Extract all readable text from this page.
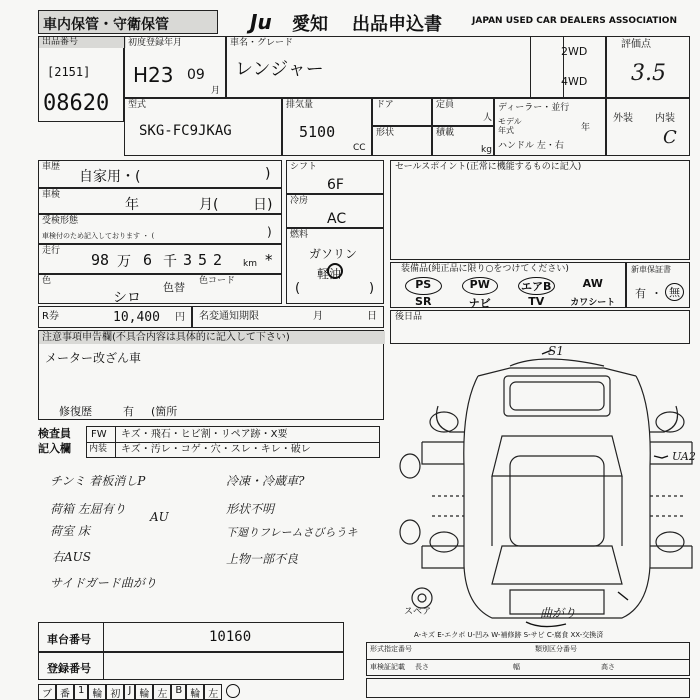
車内保管・守衛保管	Ju	愛知 出品申込書	JAPAN USED CAR DEALERS ASSOCIATION
出品番号
[2151]
08620
初度登録年月
H23 09
月
車名・グレード
レンジャー
2WD
4WD
評価点
3.5
型式
SKG-FC9JKAG
排気量
5100
CC
ドア	定員
人
形状	積載
kg
ディーラー・並行
モデル年式	年
ハンドル 左・右
外装 内装
C
車歴
自家用・(	)
車検
年	月( 日)
受検形態
車検付のため記入しております ・ (	)
走行 98 万 6 千 352 km *
色
シロ
色替 色コード
シフト
6F
冷房
AC
燃料
ガソリン
軽油
(	)
R券	10,400 円 名変通知期限	月	日
セールスポイント(正常に機能するものに記入)
装備品(純正品に限り○をつけてください)
PS	PW	エアB	AW
SR	ナビ	TV	カワシート
新車保証書
有 ・ 無
後日品
注意事項申告欄(不具合内容は具体的に記入して下さい)
メーター改ざん車
修復歴	有 (箇所
検査員記入欄
FW キズ・飛石・ヒビ割・リペア跡・X要
内装 キズ・汚レ・コゲ・穴・スレ・キレ・破レ
チンミ 着板消しP
荷箱 左屈有り
荷室 床
右AUS
サイドガード曲がり
AU
冷凍・冷蔵車?
形状不明
下廻りフレームさびらうキ
上物一部不良
S1
UA2
スペア	曲がり
A-キズ E-エクボ U-凹み W-補修跡 S-サビ C-腐食 XX-交換済
車台番号	10160
登録番号
ブ 番 1 輪 初 J 輪 左 B 輪 左
形式指定番号	類別区分番号
車検証記載 長さ	幅	高さ
